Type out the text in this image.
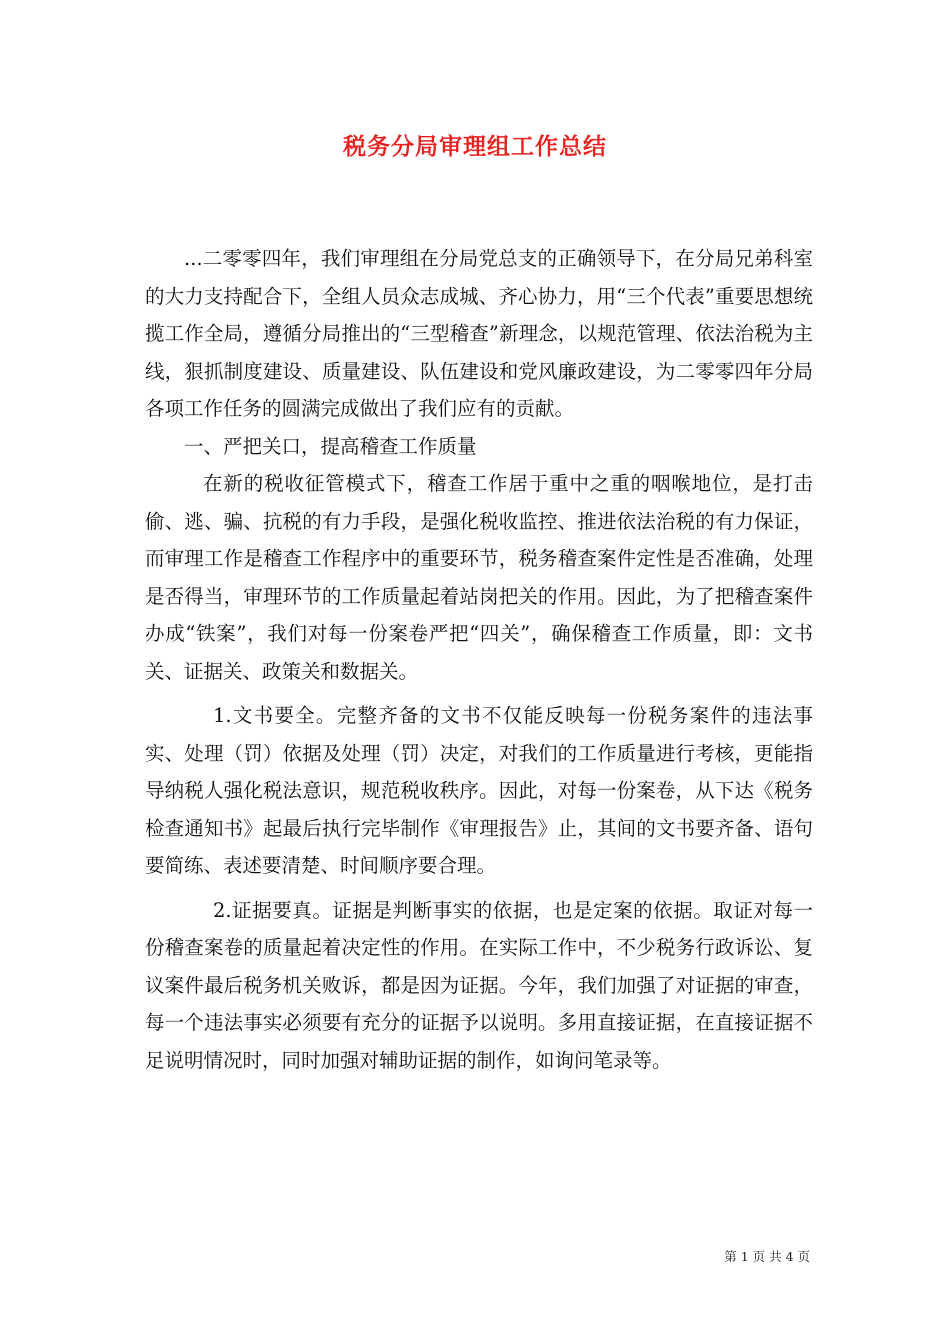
税务分局审理组工作总结

...二零零四年，我们审理组在分局党总支的正确领导下，在分局兄弟科室的大力支持配合下，全组人员众志成城、齐心协力，用“三个代表”重要思想统揽工作全局，遵循分局推出的“三型稽查”新理念，以规范管理、依法治税为主线，狠抓制度建设、质量建设、队伍建设和党风廉政建设，为二零零四年分局各项工作任务的圆满完成做出了我们应有的贡献。

一、严把关口，提高稽查工作质量

在新的税收征管模式下，稽查工作居于重中之重的咽喉地位，是打击偷、逃、骗、抗税的有力手段，是强化税收监控、推进依法治税的有力保证，而审理工作是稽查工作程序中的重要环节，税务稽查案件定性是否准确，处理是否得当，审理环节的工作质量起着站岗把关的作用。因此，为了把稽查案件办成“铁案”，我们对每一份案卷严把“四关”，确保稽查工作质量，即：文书关、证据关、政策关和数据关。

1.文书要全。完整齐备的文书不仅能反映每一份税务案件的违法事实、处理（罚）依据及处理（罚）决定，对我们的工作质量进行考核，更能指导纳税人强化税法意识，规范税收秩序。因此，对每一份案卷，从下达《税务检查通知书》起最后执行完毕制作《审理报告》止，其间的文书要齐备、语句要简练、表述要清楚、时间顺序要合理。

2.证据要真。证据是判断事实的依据，也是定案的依据。取证对每一份稽查案卷的质量起着决定性的作用。在实际工作中，不少税务行政诉讼、复议案件最后税务机关败诉，都是因为证据。今年，我们加强了对证据的审查，每一个违法事实必须要有充分的证据予以说明。多用直接证据，在直接证据不足说明情况时，同时加强对辅助证据的制作，如询问笔录等。

第 1 页 共 4 页
